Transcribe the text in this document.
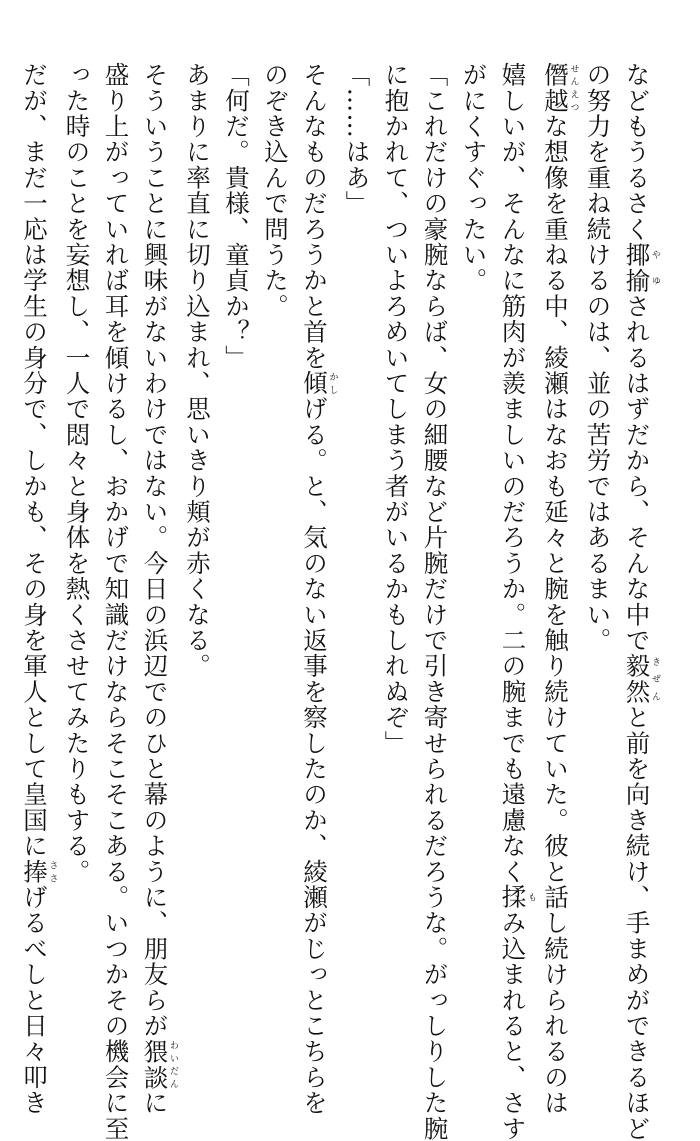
などもうるさく揶揄やゆされるはずだから、そんな中で毅然きぜんと前を向き続け、手まめができるほど
の努力を重ね続けるのは、並の苦労ではあるまい。
僭越せんえつな想像を重ねる中、綾瀬はなおも延々と腕を触り続けていた。彼と話し続けられるのは
嬉しいが、そんなに筋肉が羨ましいのだろうか。二の腕までも遠慮なく揉もみ込まれると、さす
がにくすぐったい。
「これだけの豪腕ならば、女の細腰など片腕だけで引き寄せられるだろうな。がっしりした腕
に抱かれて、ついよろめいてしまう者がいるかもしれぬぞ」
「……はあ」
そんなものだろうかと首を傾かしげる。と、気のない返事を察したのか、綾瀬がじっとこちらを
のぞき込んで問うた。
「何だ。貴様、童貞か？」
あまりに率直に切り込まれ、思いきり頬が赤くなる。
そういうことに興味がないわけではない。今日の浜辺でのひと幕のように、朋友らが猥談わいだんに
盛り上がっていれば耳を傾けるし、おかげで知識だけならそこそこある。いつかその機会に至
った時のことを妄想し、一人で悶々と身体を熱くさせてみたりもする。
だが、まだ一応は学生の身分で、しかも、その身を軍人として皇国に捧ささげるべしと日々叩き
